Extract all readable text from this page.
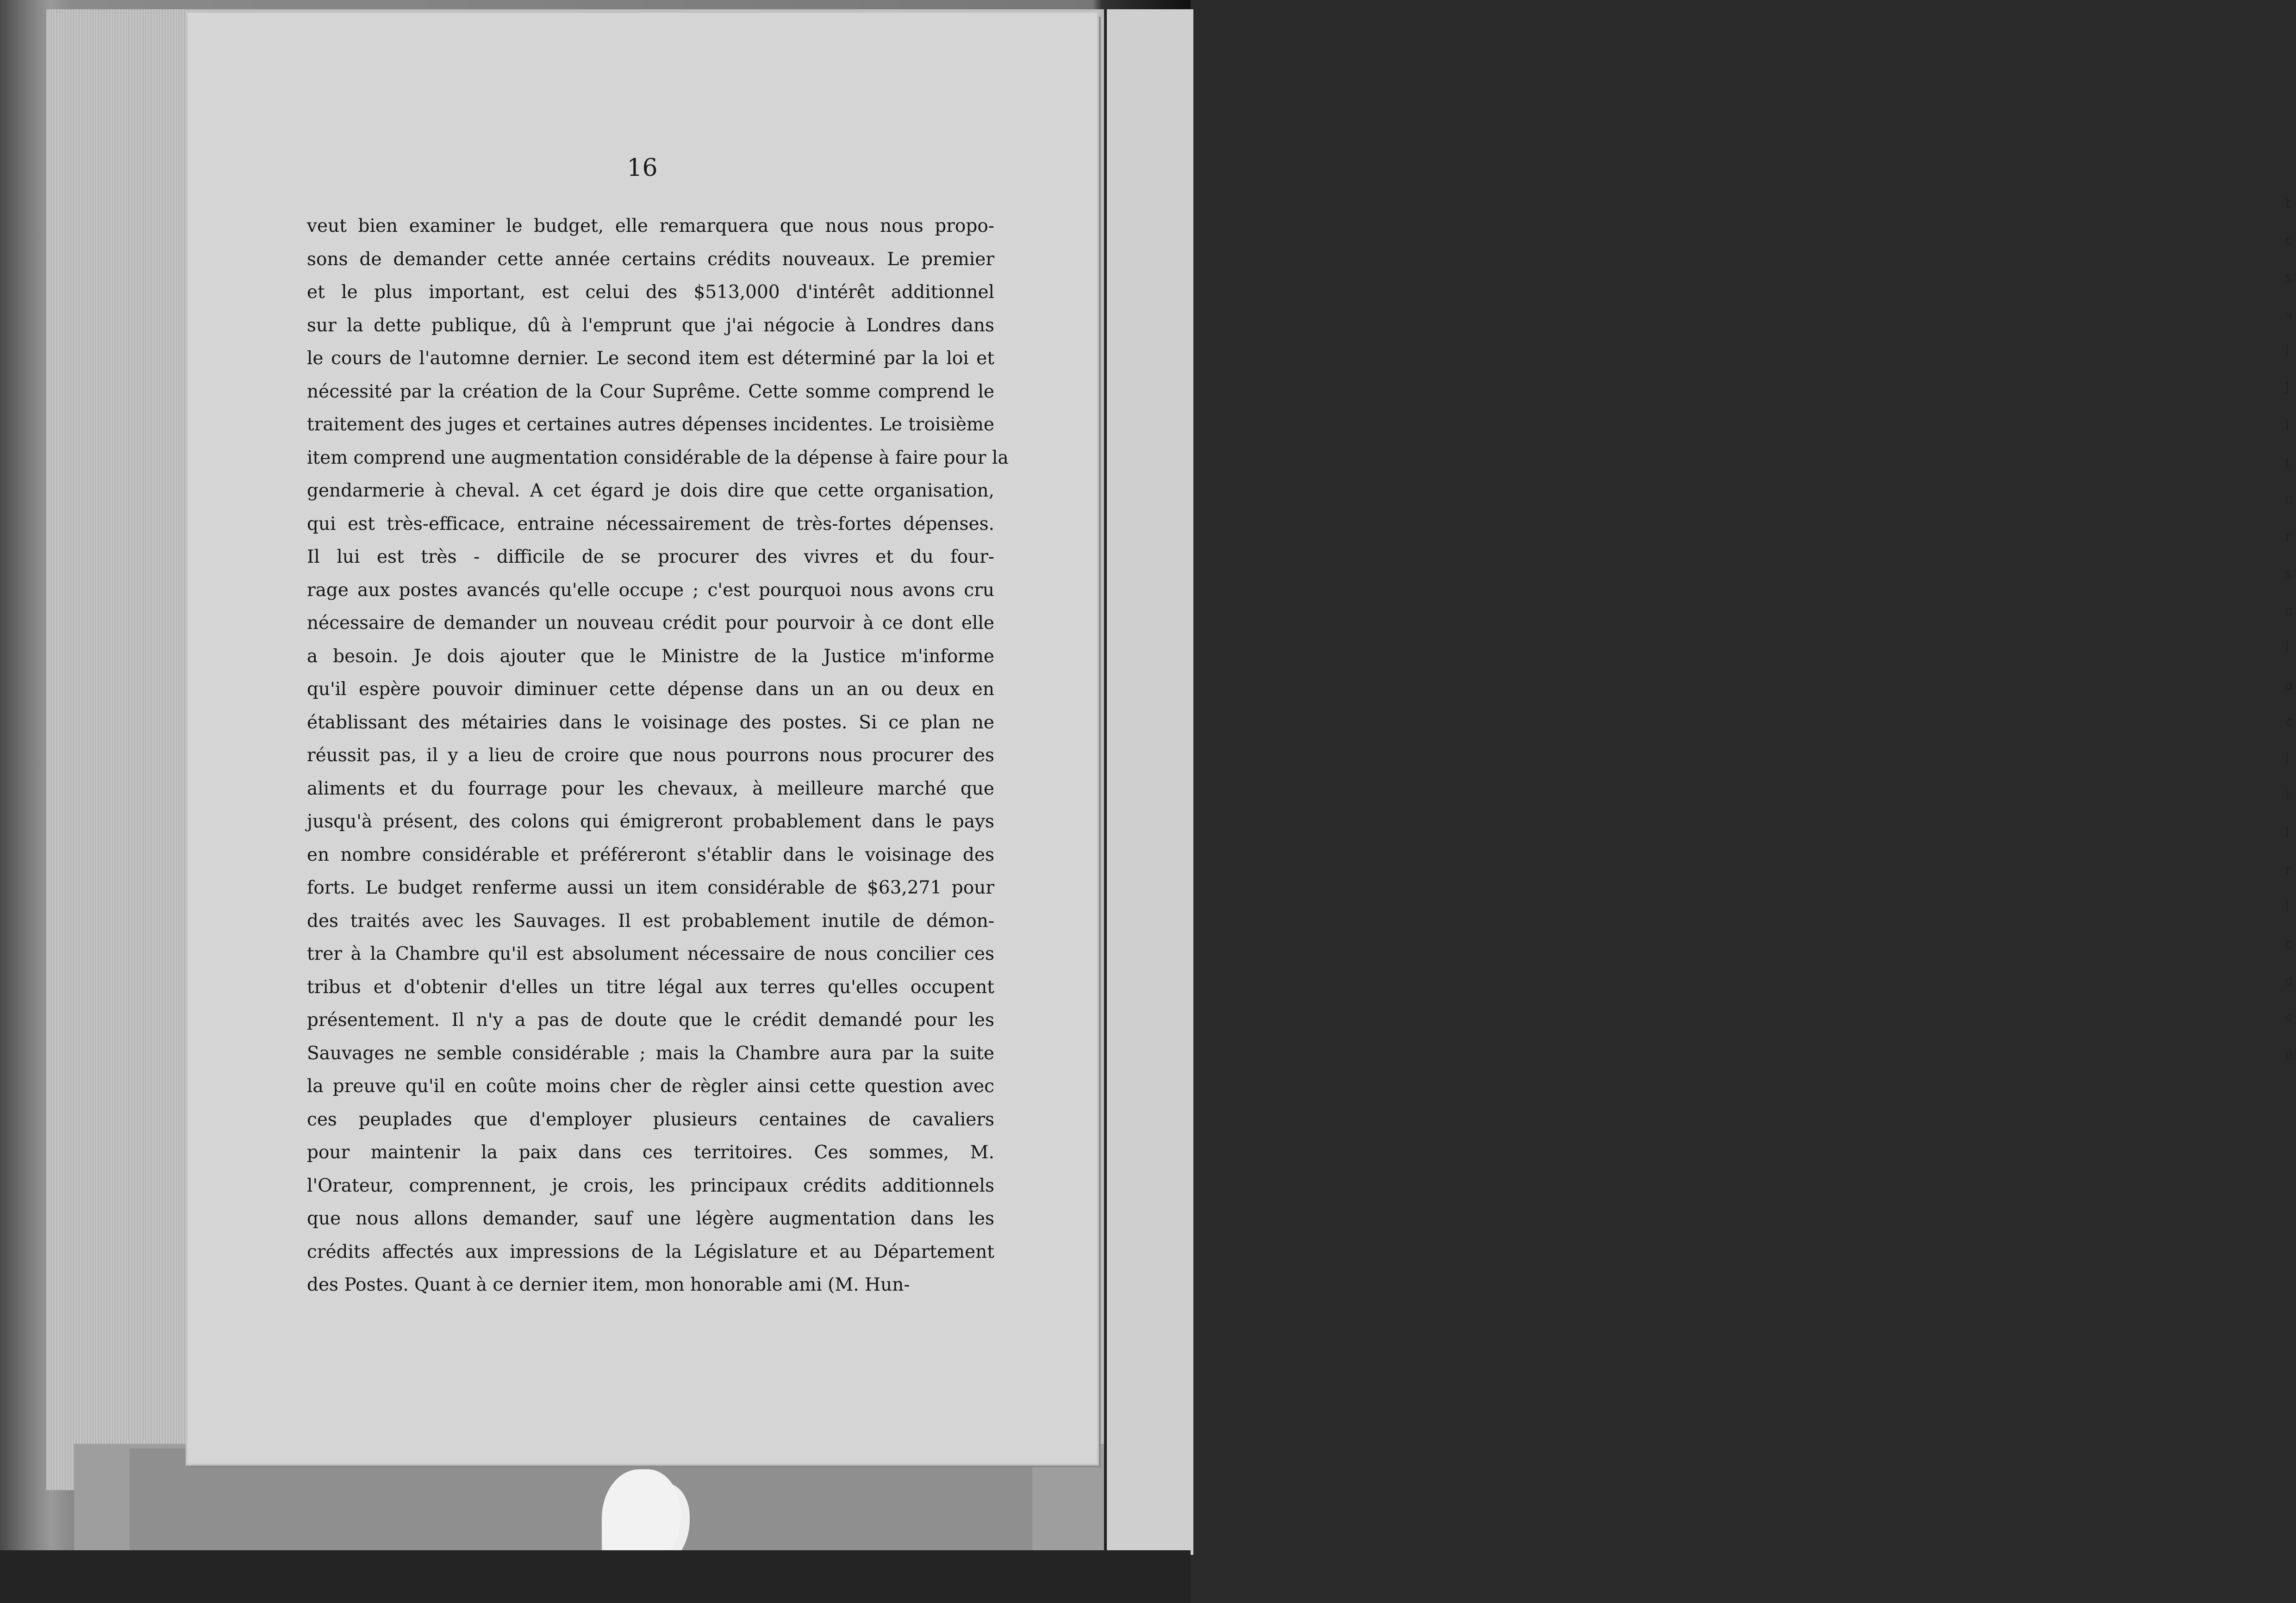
t
c
s
s
l
l
l
t
c
r
s
c
l
a
c
l
i
l
r
l
c
c
s
é
16
veut bien examiner le budget, elle remarquera que nous nous propo-
sons de demander cette année certains crédits nouveaux. Le premier
et le plus important, est celui des $513,000 d'intérêt additionnel
sur la dette publique, dû à l'emprunt que j'ai négocie à Londres dans
le cours de l'automne dernier. Le second item est déterminé par la loi et
nécessité par la création de la Cour Suprême. Cette somme comprend le
traitement des juges et certaines autres dépenses incidentes. Le troisième
item comprend une augmentation considérable de la dépense à faire pour la
gendarmerie à cheval. A cet égard je dois dire que cette organisation,
qui est très-efficace, entraine nécessairement de très-fortes dépenses.
Il lui est très - difficile de se procurer des vivres et du four-
rage aux postes avancés qu'elle occupe ; c'est pourquoi nous avons cru
nécessaire de demander un nouveau crédit pour pourvoir à ce dont elle
a besoin. Je dois ajouter que le Ministre de la Justice m'informe
qu'il espère pouvoir diminuer cette dépense dans un an ou deux en
établissant des métairies dans le voisinage des postes. Si ce plan ne
réussit pas, il y a lieu de croire que nous pourrons nous procurer des
aliments et du fourrage pour les chevaux, à meilleure marché que
jusqu'à présent, des colons qui émigreront probablement dans le pays
en nombre considérable et préféreront s'établir dans le voisinage des
forts. Le budget renferme aussi un item considérable de $63,271 pour
des traités avec les Sauvages. Il est probablement inutile de démon-
trer à la Chambre qu'il est absolument nécessaire de nous concilier ces
tribus et d'obtenir d'elles un titre légal aux terres qu'elles occupent
présentement. Il n'y a pas de doute que le crédit demandé pour les
Sauvages ne semble considérable ; mais la Chambre aura par la suite
la preuve qu'il en coûte moins cher de règler ainsi cette question avec
ces peuplades que d'employer plusieurs centaines de cavaliers
pour maintenir la paix dans ces territoires. Ces sommes, M.
l'Orateur, comprennent, je crois, les principaux crédits additionnels
que nous allons demander, sauf une légère augmentation dans les
crédits affectés aux impressions de la Législature et au Département
des Postes. Quant à ce dernier item, mon honorable ami (M. Hun-
